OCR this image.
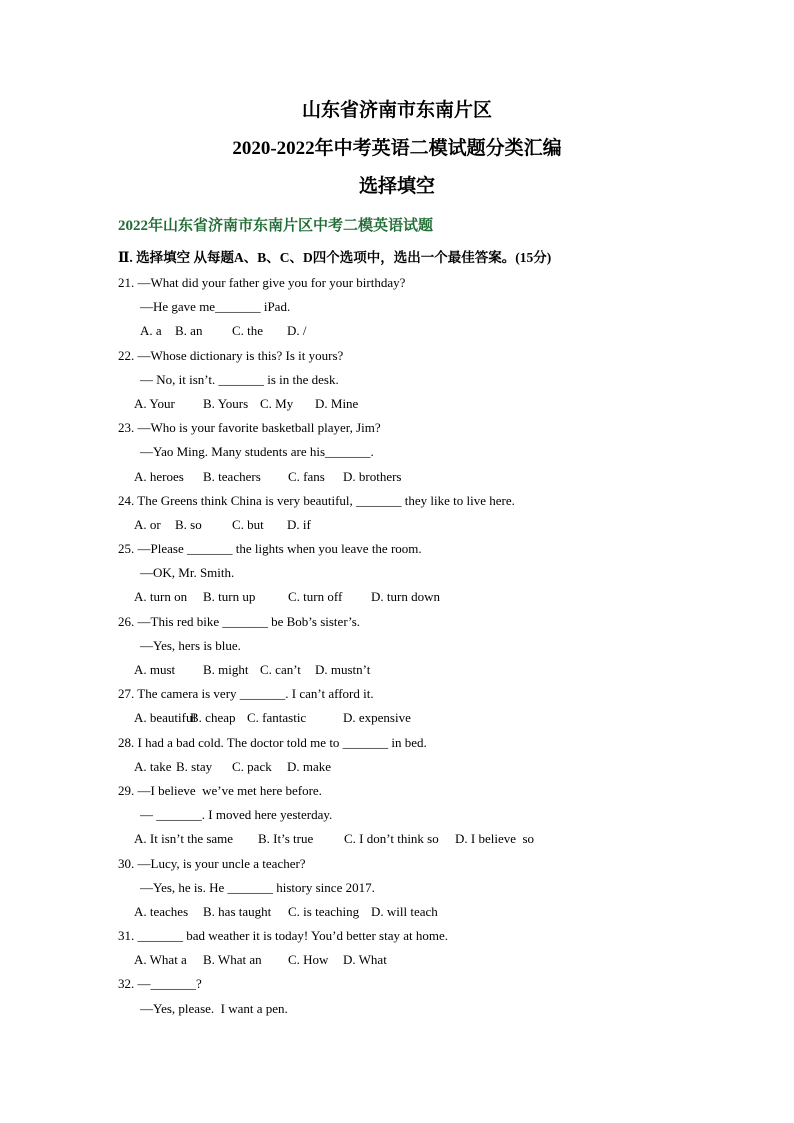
山东省济南市东南片区
2020-2022年中考英语二模试题分类汇编
选择填空
2022年山东省济南市东南片区中考二模英语试题
Ⅱ. 选择填空 从每题A、B、C、D四个选项中，选出一个最佳答案。(15分)
21. —What did your father give you for your birthday?
—He gave me_______ iPad.
A. a B. an C. the D. /
22. —Whose dictionary is this? Is it yours?
— No, it isn’t. _______ is in the desk.
A. Your B. Yours C. My D. Mine
23. —Who is your favorite basketball player, Jim?
—Yao Ming. Many students are his_______.
A. heroes B. teachers C. fans D. brothers
24. The Greens think China is very beautiful, _______ they like to live here.
A. or B. so C. but D. if
25. —Please _______ the lights when you leave the room.
—OK, Mr. Smith.
A. turn on B. turn up	C. turn off D. turn down
26. —This red bike _______ be Bob’s sister’s.
—Yes, hers is blue.
A. must B. might C. can’t D. mustn’t
27. The camera is very _______. I can’t afford it.
A. beautiful
B. cheap C. fantastic	D. expensive
28. I had a bad cold. The doctor told me to _______ in bed.
A. take B. stay C. pack D. make
29. —I believe  we’ve met here before.
— _______. I moved here yesterday.
A. It isn’t the same B. It’s true C. I don’t think so D. I believe  so
30. —Lucy, is your uncle a teacher?
—Yes, he is. He _______ history since 2017.
A. teaches B. has taught C. is teaching D. will teach
31. _______ bad weather it is today! You’d better stay at home.
A. What a B. What an C. How D. What
32. —_______?
—Yes, please.  I want a pen.
